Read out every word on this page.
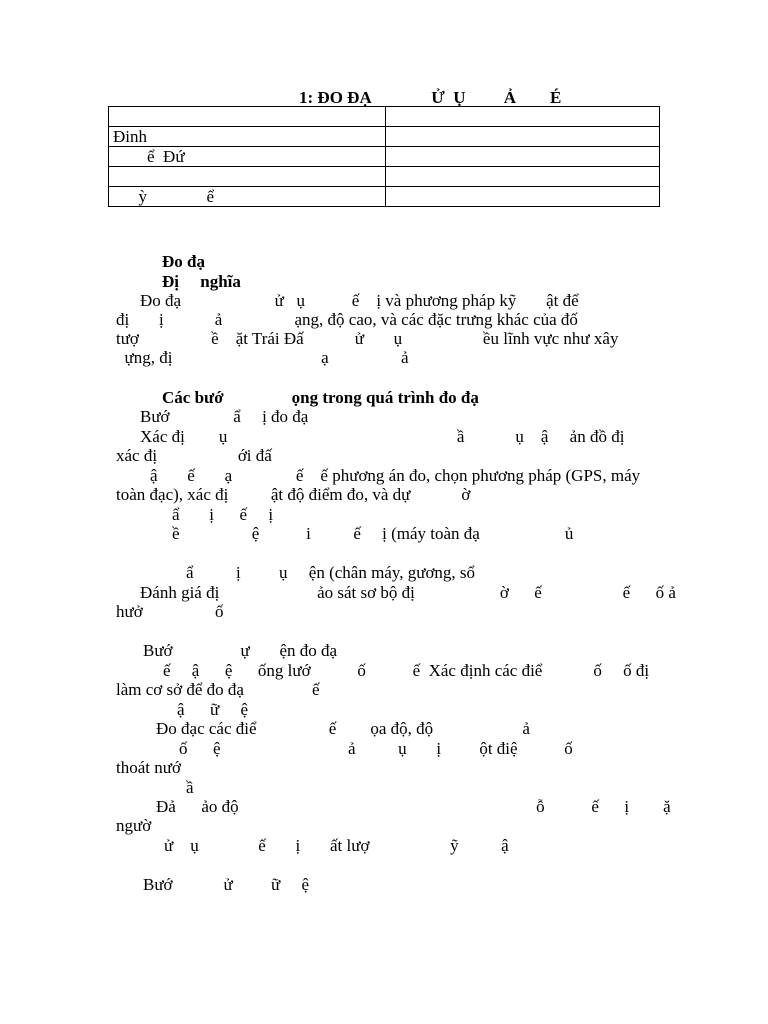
1: ĐO ĐẠ              Ử  Ụ         Ả        É

Đinh	
ể  Đứ	

ỳ              ể	
Đo đạ
Đị     nghĩa
Đo đạ                      ử   ụ           ế    ị và phương pháp kỹ       ật để
đị       ị            ả                 ạng, độ cao, và các đặc trưng khác của đố
tượ                 ề    ặt Trái Đấ            ử       ụ                   ều lĩnh vực như xây
ựng, đị                                   ạ                 ả
Các bướ                ọng trong quá trình đo đạ
Bướ               ẩ     ị đo đạ
Xác đị        ụ                                                      ầ            ụ    ậ     ản đồ đị
xác đị                   ới đấ
ậ       ế       ạ               ế    ế phương án đo, chọn phương pháp (GPS, máy
toàn đạc), xác đị          ật độ điểm đo, và dự            ờ
ẩ       ị      ế     ị
ề                 ệ           i          ế     ị (máy toàn đạ                    ủ
ẩ          ị         ụ     ện (chân máy, gương, sổ
Đánh giá đị                       ảo sát sơ bộ đị                    ờ      ế                   ế      ố ả
hưở                 ố
Bướ                ự       ện đo đạ
ế     ậ      ệ      ống lướ           ố           ế  Xác định các điể            ố     ố đị
làm cơ sở để đo đạ                ế
ậ      ữ     ệ
Đo đạc các điể                 ế        ọa độ, độ                     ả
ố      ệ                              ả          ụ       ị         ột điệ           ố
thoát nướ
ầ
Đả      ảo độ                                                                      ỗ           ế      ị        ặ
ngườ
ử    ụ              ế       ị       ất lượ                   ỹ          ậ
Bướ            ử         ữ     ệ
